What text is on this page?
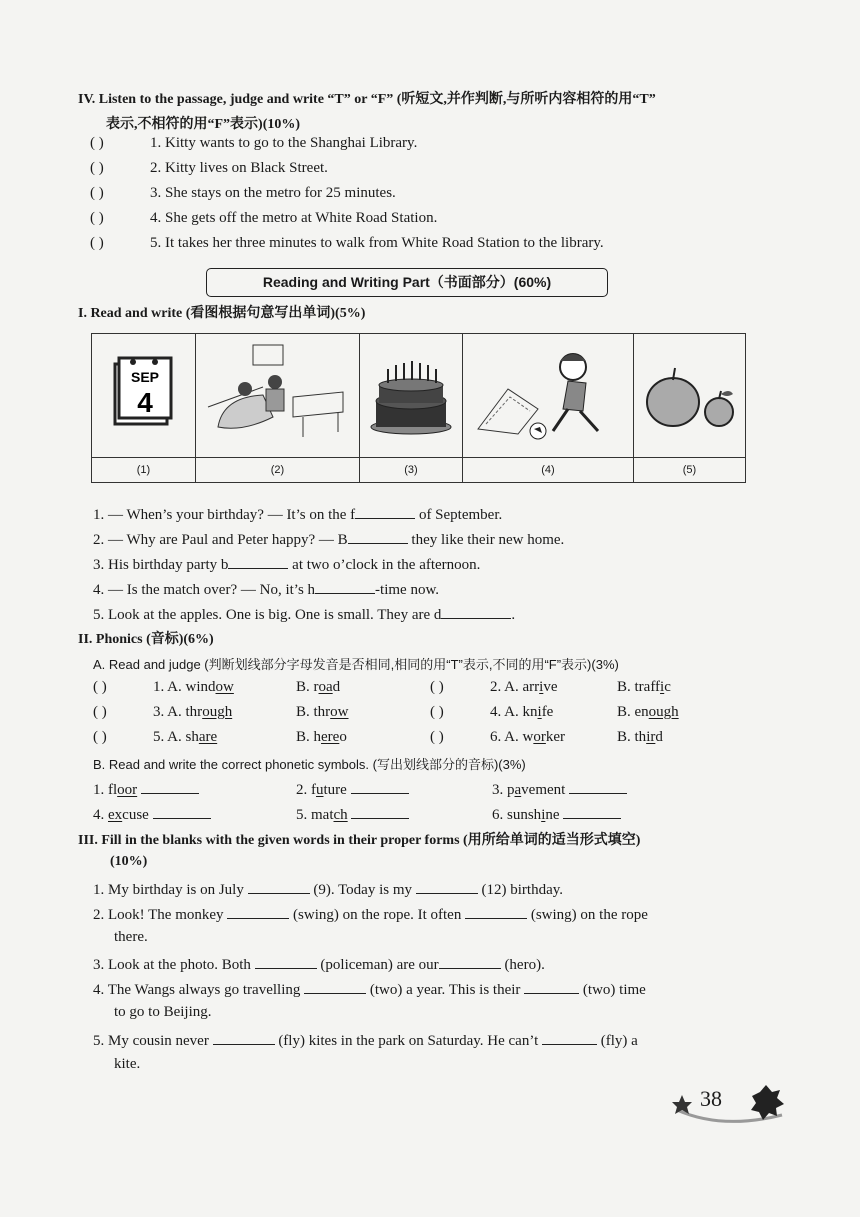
IV. Listen to the passage, judge and write “T” or “F” (听短文,并作判断,与所听内容相符的用“T”
表示,不相符的用“F”表示)(10%)
( )	1. Kitty wants to go to the Shanghai Library.
( )	2. Kitty lives on Black Street.
( )	3. She stays on the metro for 25 minutes.
( )	4. She gets off the metro at White Road Station.
( )	5. It takes her three minutes to walk from White Road Station to the library.
Reading and Writing Part（书面部分）(60%)
I. Read and write (看图根据句意写出单词)(5%)
SEP
4

(1)	(2)	(3)	(4)	(5)
1. — When’s your birthday? — It’s on the f	of September.
2. — Why are Paul and Peter happy? — B	they like their new home.
3. His birthday party b	at two o’clock in the afternoon.
4. — Is the match over? — No, it’s h	-time now.
5. Look at the apples. One is big. One is small. They are d	.
II. Phonics (音标)(6%)
A. Read and judge (判断划线部分字母发音是否相同,相同的用“T”表示,不同的用“F”表示)(3%)
( )	1. A. window	B. road	( )	2. A. arrive	B. traffic
( )	3. A. through	B. throw	( )	4. A. knife	B. enough
( )	5. A. share	B. hereo	( )	6. A. worker	B. third
B. Read and write the correct phonetic symbols. (写出划线部分的音标)(3%)
1. floor	2. future	3. pavement
4. excuse	5. match	6. sunshine
III. Fill in the blanks with the given words in their proper forms (用所给单词的适当形式填空)
(10%)
1. My birthday is on July	(9). Today is my	(12) birthday.
2. Look! The monkey	(swing) on the rope. It often	(swing) on the rope
there.
3. Look at the photo. Both	(policeman) are our	(hero).
4. The Wangs always go travelling	(two) a year. This is their	(two) time
to go to Beijing.
5. My cousin never	(fly) kites in the park on Saturday. He can’t	(fly) a
kite.
38
